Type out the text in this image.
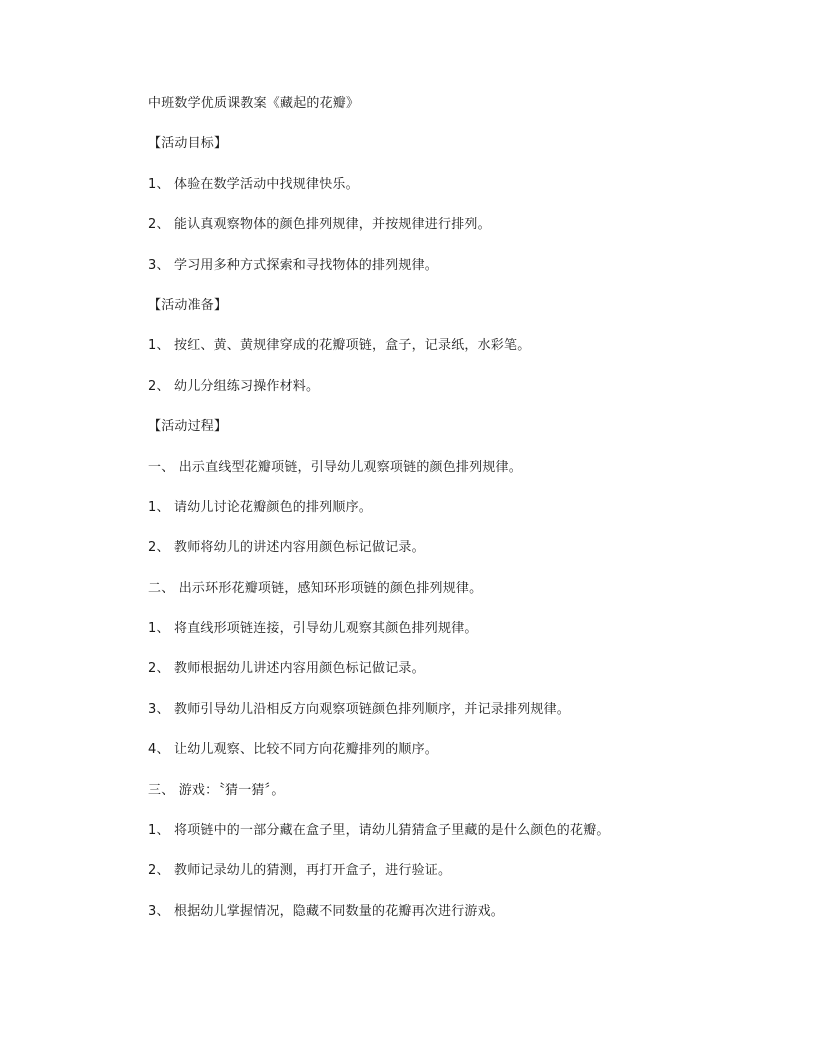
中班数学优质课教案《藏起的花瓣》
【活动目标】
1、 体验在数学活动中找规律快乐。
2、 能认真观察物体的颜色排列规律，并按规律进行排列。
3、 学习用多种方式探索和寻找物体的排列规律。
【活动准备】
1、 按红、黄、黄规律穿成的花瓣项链，盒子，记录纸，水彩笔。
2、 幼儿分组练习操作材料。
【活动过程】
一、 出示直线型花瓣项链，引导幼儿观察项链的颜色排列规律。
1、 请幼儿讨论花瓣颜色的排列顺序。
2、 教师将幼儿的讲述内容用颜色标记做记录。
二、 出示环形花瓣项链，感知环形项链的颜色排列规律。
1、 将直线形项链连接，引导幼儿观察其颜色排列规律。
2、 教师根据幼儿讲述内容用颜色标记做记录。
3、 教师引导幼儿沿相反方向观察项链颜色排列顺序，并记录排列规律。
4、 让幼儿观察、比较不同方向花瓣排列的顺序。
三、 游戏：〝猜一猜〞。
1、 将项链中的一部分藏在盒子里，请幼儿猜猜盒子里藏的是什么颜色的花瓣。
2、 教师记录幼儿的猜测，再打开盒子，进行验证。
3、 根据幼儿掌握情况，隐藏不同数量的花瓣再次进行游戏。
